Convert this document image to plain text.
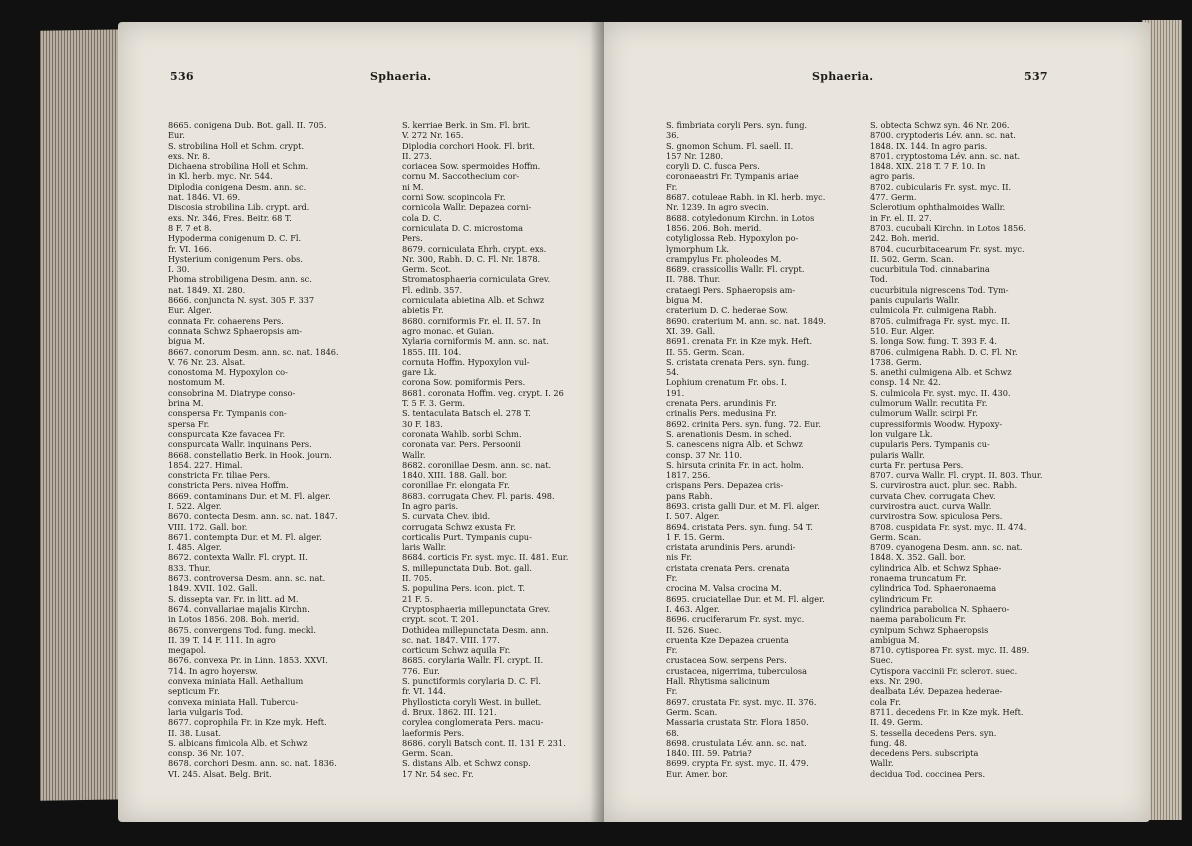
536	Sphaeria.
8665. conigena Dub. Bot. gall. II. 705.
Eur.
S. strobilina Holl et Schm. crypt.
exs. Nr. 8.
Dichaena strobilina Holl et Schm.
in Kl. herb. myc. Nr. 544.
Diplodia conigena Desm. ann. sc.
nat. 1846. VI. 69.
Discosia strobilina Lib. crypt. ard.
exs. Nr. 346, Fres. Beitr. 68 T.
8 F. 7 et 8.
Hypoderma conigenum D. C. Fl.
fr. VI. 166.
Hysterium conigenum Pers. obs.
I. 30.
Phoma strobiligena Desm. ann. sc.
nat. 1849. XI. 280.
8666. conjuncta N. syst. 305 F. 337
Eur. Alger.
connata Fr. cohaerens Pers.
connata Schwz Sphaeropsis am-
bigua M.
8667. conorum Desm. ann. sc. nat. 1846.
V. 76 Nr. 23. Alsat.
conostoma M. Hypoxylon co-
nostomum M.
consobrina M. Diatrype conso-
brina M.
conspersa Fr. Tympanis con-
spersa Fr.
conspurcata Kze favacea Fr.
conspurcata Wallr. inquinans Pers.
8668. constellatio Berk. in Hook. journ.
1854. 227. Himal.
constricta Fr. tiliae Pers.
constricta Pers. nivea Hoffm.
8669. contaminans Dur. et M. Fl. alger.
I. 522. Alger.
8670. contecta Desm. ann. sc. nat. 1847.
VIII. 172. Gall. bor.
8671. contempta Dur. et M. Fl. alger.
I. 485. Alger.
8672. contexta Wallr. Fl. crypt. II.
833. Thur.
8673. controversa Desm. ann. sc. nat.
1849. XVII. 102. Gall.
S. dissepta var. Fr. in litt. ad M.
8674. convallariae majalis Kirchn.
in Lotos 1856. 208. Boh. merid.
8675. convergens Tod. fung. meckl.
II. 39 T. 14 F. 111. In agro
megapol.
8676. convexa Pr. in Linn. 1853. XXVI.
714. In agro hoyersw.
convexa miniata Hall. Aethalium
septicum Fr.
convexa miniata Hall. Tubercu-
laria vulgaris Tod.
8677. coprophila Fr. in Kze myk. Heft.
II. 38. Lusat.
S. albicans fimicola Alb. et Schwz
consp. 36 Nr. 107.
8678. corchori Desm. ann. sc. nat. 1836.
VI. 245. Alsat. Belg. Brit.
S. kerriae Berk. in Sm. Fl. brit.
V. 272 Nr. 165.
Diplodia corchori Hook. Fl. brit.
II. 273.
coriacea Sow. spermoides Hoffm.
cornu M. Saccothecium cor-
ni M.
corni Sow. scopincola Fr.
cornicola Wallr. Depazea corni-
cola D. C.
corniculata D. C. microstoma
Pers.
8679. corniculata Ehrh. crypt. exs.
Nr. 300, Rabh. D. C. Fl. Nr. 1878.
Germ. Scot.
Stromatosphaeria corniculata Grev.
Fl. edinb. 357.
corniculata abietina Alb. et Schwz
abietis Fr.
8680. corniformis Fr. el. II. 57. In
agro monac. et Guian.
Xylaria corniformis M. ann. sc. nat.
1855. III. 104.
cornuta Hoffm. Hypoxylon vul-
gare Lk.
corona Sow. pomiformis Pers.
8681. coronata Hoffm. veg. crypt. I. 26
T. 5 F. 3. Germ.
S. tentaculata Batsch el. 278 T.
30 F. 183.
coronata Wahlb. sorbi Schm.
coronata var. Pers. Persoonii
Wallr.
8682. coronillae Desm. ann. sc. nat.
1840. XIII. 188. Gall. bor.
coronillae Fr. elongata Fr.
8683. corrugata Chev. Fl. paris. 498.
In agro paris.
S. curvata Chev. ibid.
corrugata Schwz exusta Fr.
corticalis Purt. Tympanis cupu-
laris Wallr.
8684. corticis Fr. syst. myc. II. 481. Eur.
S. millepunctata Dub. Bot. gall.
II. 705.
S. populina Pers. icon. pict. T.
21 F. 5.
Cryptosphaeria millepunctata Grev.
crypt. scot. T. 201.
Dothidea millepunctata Desm. ann.
sc. nat. 1847. VIII. 177.
corticum Schwz aquila Fr.
8685. corylaria Wallr. Fl. crypt. II.
776. Eur.
S. punctiformis corylaria D. C. Fl.
fr. VI. 144.
Phyllosticta coryli West. in bullet.
d. Brux. 1862. III. 121.
corylea conglomerata Pers. macu-
laeformis Pers.
8686. coryli Batsch cont. II. 131 F. 231.
Germ. Scan.
S. distans Alb. et Schwz consp.
17 Nr. 54 sec. Fr.
Sphaeria.	537
S. fimbriata coryli Pers. syn. fung.
36.
S. gnomon Schum. Fl. saell. II.
157 Nr. 1280.
coryli D. C. fusca Pers.
coronaeastri Fr. Tympanis ariae
Fr.
8687. cotuleae Rabh. in Kl. herb. myc.
Nr. 1239. In agro svecin.
8688. cotyledonum Kirchn. in Lotos
1856. 206. Boh. merid.
cotyliglossa Reb. Hypoxylon po-
lymorphum Lk.
crampylus Fr. pholeodes M.
8689. crassicollis Wallr. Fl. crypt.
II. 788. Thur.
crataegi Pers. Sphaeropsis am-
bigua M.
craterium D. C. hederae Sow.
8690. craterium M. ann. sc. nat. 1849.
XI. 39. Gall.
8691. crenata Fr. in Kze myk. Heft.
II. 55. Germ. Scan.
S. cristata crenata Pers. syn. fung.
54.
Lophium crenatum Fr. obs. I.
191.
crenata Pers. arundinis Fr.
crinalis Pers. medusina Fr.
8692. crinita Pers. syn. fung. 72. Eur.
S. arenationis Desm. in sched.
S. canescens nigra Alb. et Schwz
consp. 37 Nr. 110.
S. hirsuta crinita Fr. in act. holm.
1817. 256.
crispans Pers. Depazea cris-
pans Rabh.
8693. crista galli Dur. et M. Fl. alger.
I. 507. Alger.
8694. cristata Pers. syn. fung. 54 T.
1 F. 15. Germ.
cristata arundinis Pers. arundi-
nis Fr.
cristata crenata Pers. crenata
Fr.
crocina M. Valsa crocina M.
8695. cruciatellae Dur. et M. Fl. alger.
I. 463. Alger.
8696. cruciferarum Fr. syst. myc.
II. 526. Suec.
cruenta Kze Depazea cruenta
Fr.
crustacea Sow. serpens Pers.
crustacea, nigerrima, tuberculosa
Hall. Rhytisma salicinum
Fr.
8697. crustata Fr. syst. myc. II. 376.
Germ. Scan.
Massaria crustata Str. Flora 1850.
68.
8698. crustulata Lév. ann. sc. nat.
1840. III. 59. Patria?
8699. crypta Fr. syst. myc. II. 479.
Eur. Amer. bor.
S. obtecta Schwz syn. 46 Nr. 206.
8700. cryptoderis Lév. ann. sc. nat.
1848. IX. 144. In agro paris.
8701. cryptostoma Lév. ann. sc. nat.
1848. XIX. 218 T. 7 F. 10. In
agro paris.
8702. cubicularis Fr. syst. myc. II.
477. Germ.
Sclerotium ophthalmoides Wallr.
in Fr. el. II. 27.
8703. cucubali Kirchn. in Lotos 1856.
242. Boh. merid.
8704. cucurbitacearum Fr. syst. myc.
II. 502. Germ. Scan.
cucurbitula Tod. cinnabarina
Tod.
cucurbitula nigrescens Tod. Tym-
panis cupularis Wallr.
culmicola Fr. culmigena Rabh.
8705. culmifraga Fr. syst. myc. II.
510. Eur. Alger.
S. longa Sow. fung. T. 393 F. 4.
8706. culmigena Rabh. D. C. Fl. Nr.
1738. Germ.
S. anethi culmigena Alb. et Schwz
consp. 14 Nr. 42.
S. culmicola Fr. syst. myc. II. 430.
culmorum Wallr. recutita Fr.
culmorum Wallr. scirpi Fr.
cupressiformis Woodw. Hypoxy-
lon vulgare Lk.
cupularis Pers. Tympanis cu-
pularis Wallr.
curta Fr. pertusa Pers.
8707. curva Wallr. Fl. crypt. II. 803. Thur.
S. curvirostra auct. plur. sec. Rabh.
curvata Chev. corrugata Chev.
curvirostra auct. curva Wallr.
curvirostra Sow. spiculosa Pers.
8708. cuspidata Fr. syst. myc. II. 474.
Germ. Scan.
8709. cyanogena Desm. ann. sc. nat.
1848. X. 352. Gall. bor.
cylindrica Alb. et Schwz Sphae-
ronaema truncatum Fr.
cylindrica Tod. Sphaeronaema
cylindricum Fr.
cylindrica parabolica N. Sphaero-
naema parabolicum Fr.
cynipum Schwz Sphaeropsis
ambigua M.
8710. cytisporea Fr. syst. myc. II. 489.
Suec.
Cytispora vaccinii Fr. scleroт. suec.
exs. Nr. 290.
dealbata Lév. Depazea hederae-
cola Fr.
8711. decedens Fr. in Kze myk. Heft.
II. 49. Germ.
S. tessella decedens Pers. syn.
fung. 48.
decedens Pers. subscripta
Wallr.
decidua Tod. coccinea Pers.
